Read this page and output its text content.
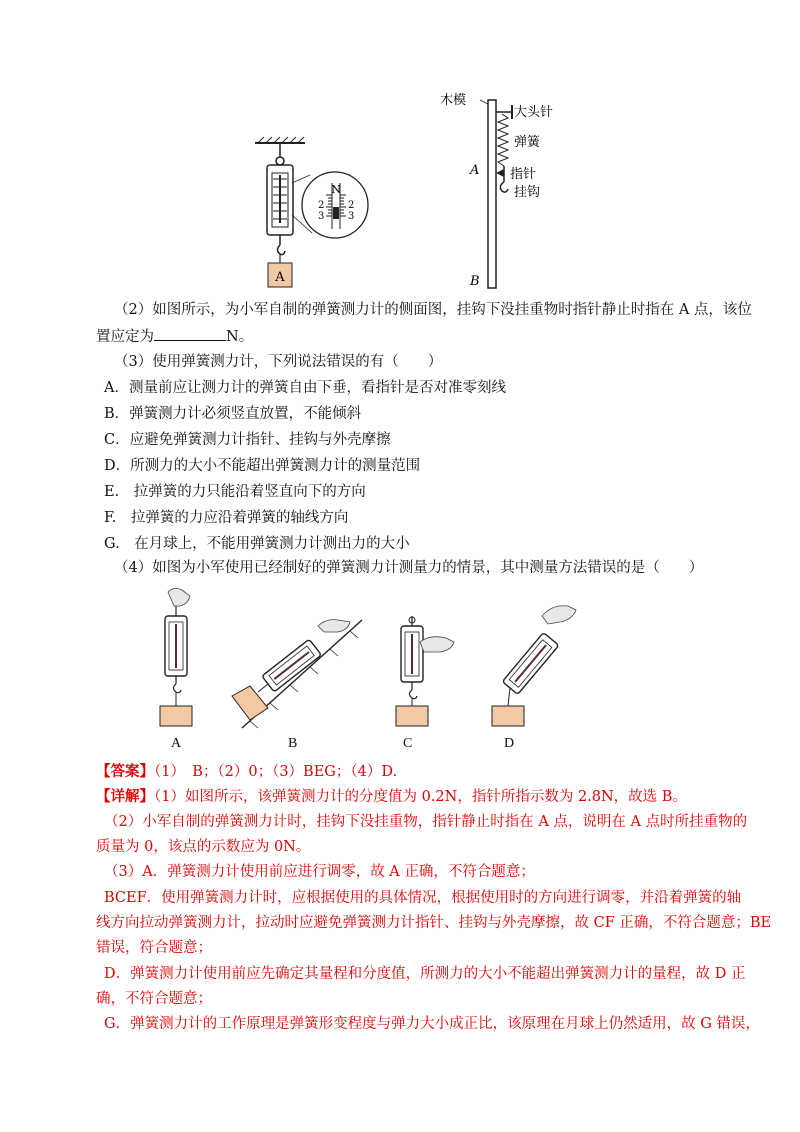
N
2
3
2
3
A
木模
大头针
弹簧
A 指针
挂钩
B
（2）如图所示，为小军自制的弹簧测力计的侧面图，挂钩下没挂重物时指针静止时指在 A 点，该位
置应定为	N。
（3）使用弹簧测力计，下列说法错误的有（　　）
A．测量前应让测力计的弹簧自由下垂，看指针是否对准零刻线
B．弹簧测力计必须竖直放置，不能倾斜
C．应避免弹簧测力计指针、挂钩与外壳摩擦
D．所测力的大小不能超出弹簧测力计的测量范围
E.　拉弹簧的力只能沿着竖直向下的方向
F.　拉弹簧的力应沿着弹簧的轴线方向
G.　在月球上，不能用弹簧测力计测出力的大小
（4）如图为小军使用已经制好的弹簧测力计测量力的情景，其中测量方法错误的是（　　）
A	B	C	D
【答案】（1）　B；（2）0；（3）BEG；（4）D.
【详解】（1）如图所示，该弹簧测力计的分度值为 0.2N，指针所指示数为 2.8N，故选 B。
（2）小军自制的弹簧测力计时，挂钩下没挂重物，指针静止时指在 A 点，说明在 A 点时所挂重物的
质量为 0，该点的示数应为 0N。
（3）A．弹簧测力计使用前应进行调零，故 A 正确，不符合题意；
BCEF．使用弹簧测力计时，应根据使用的具体情况，根据使用时的方向进行调零，并沿着弹簧的轴
线方向拉动弹簧测力计，拉动时应避免弹簧测力计指针、挂钩与外壳摩擦，故 CF 正确，不符合题意；BE
错误，符合题意；
D．弹簧测力计使用前应先确定其量程和分度值，所测力的大小不能超出弹簧测力计的量程，故 D 正
确，不符合题意；
G．弹簧测力计的工作原理是弹簧形变程度与弹力大小成正比，该原理在月球上仍然适用，故 G 错误，
